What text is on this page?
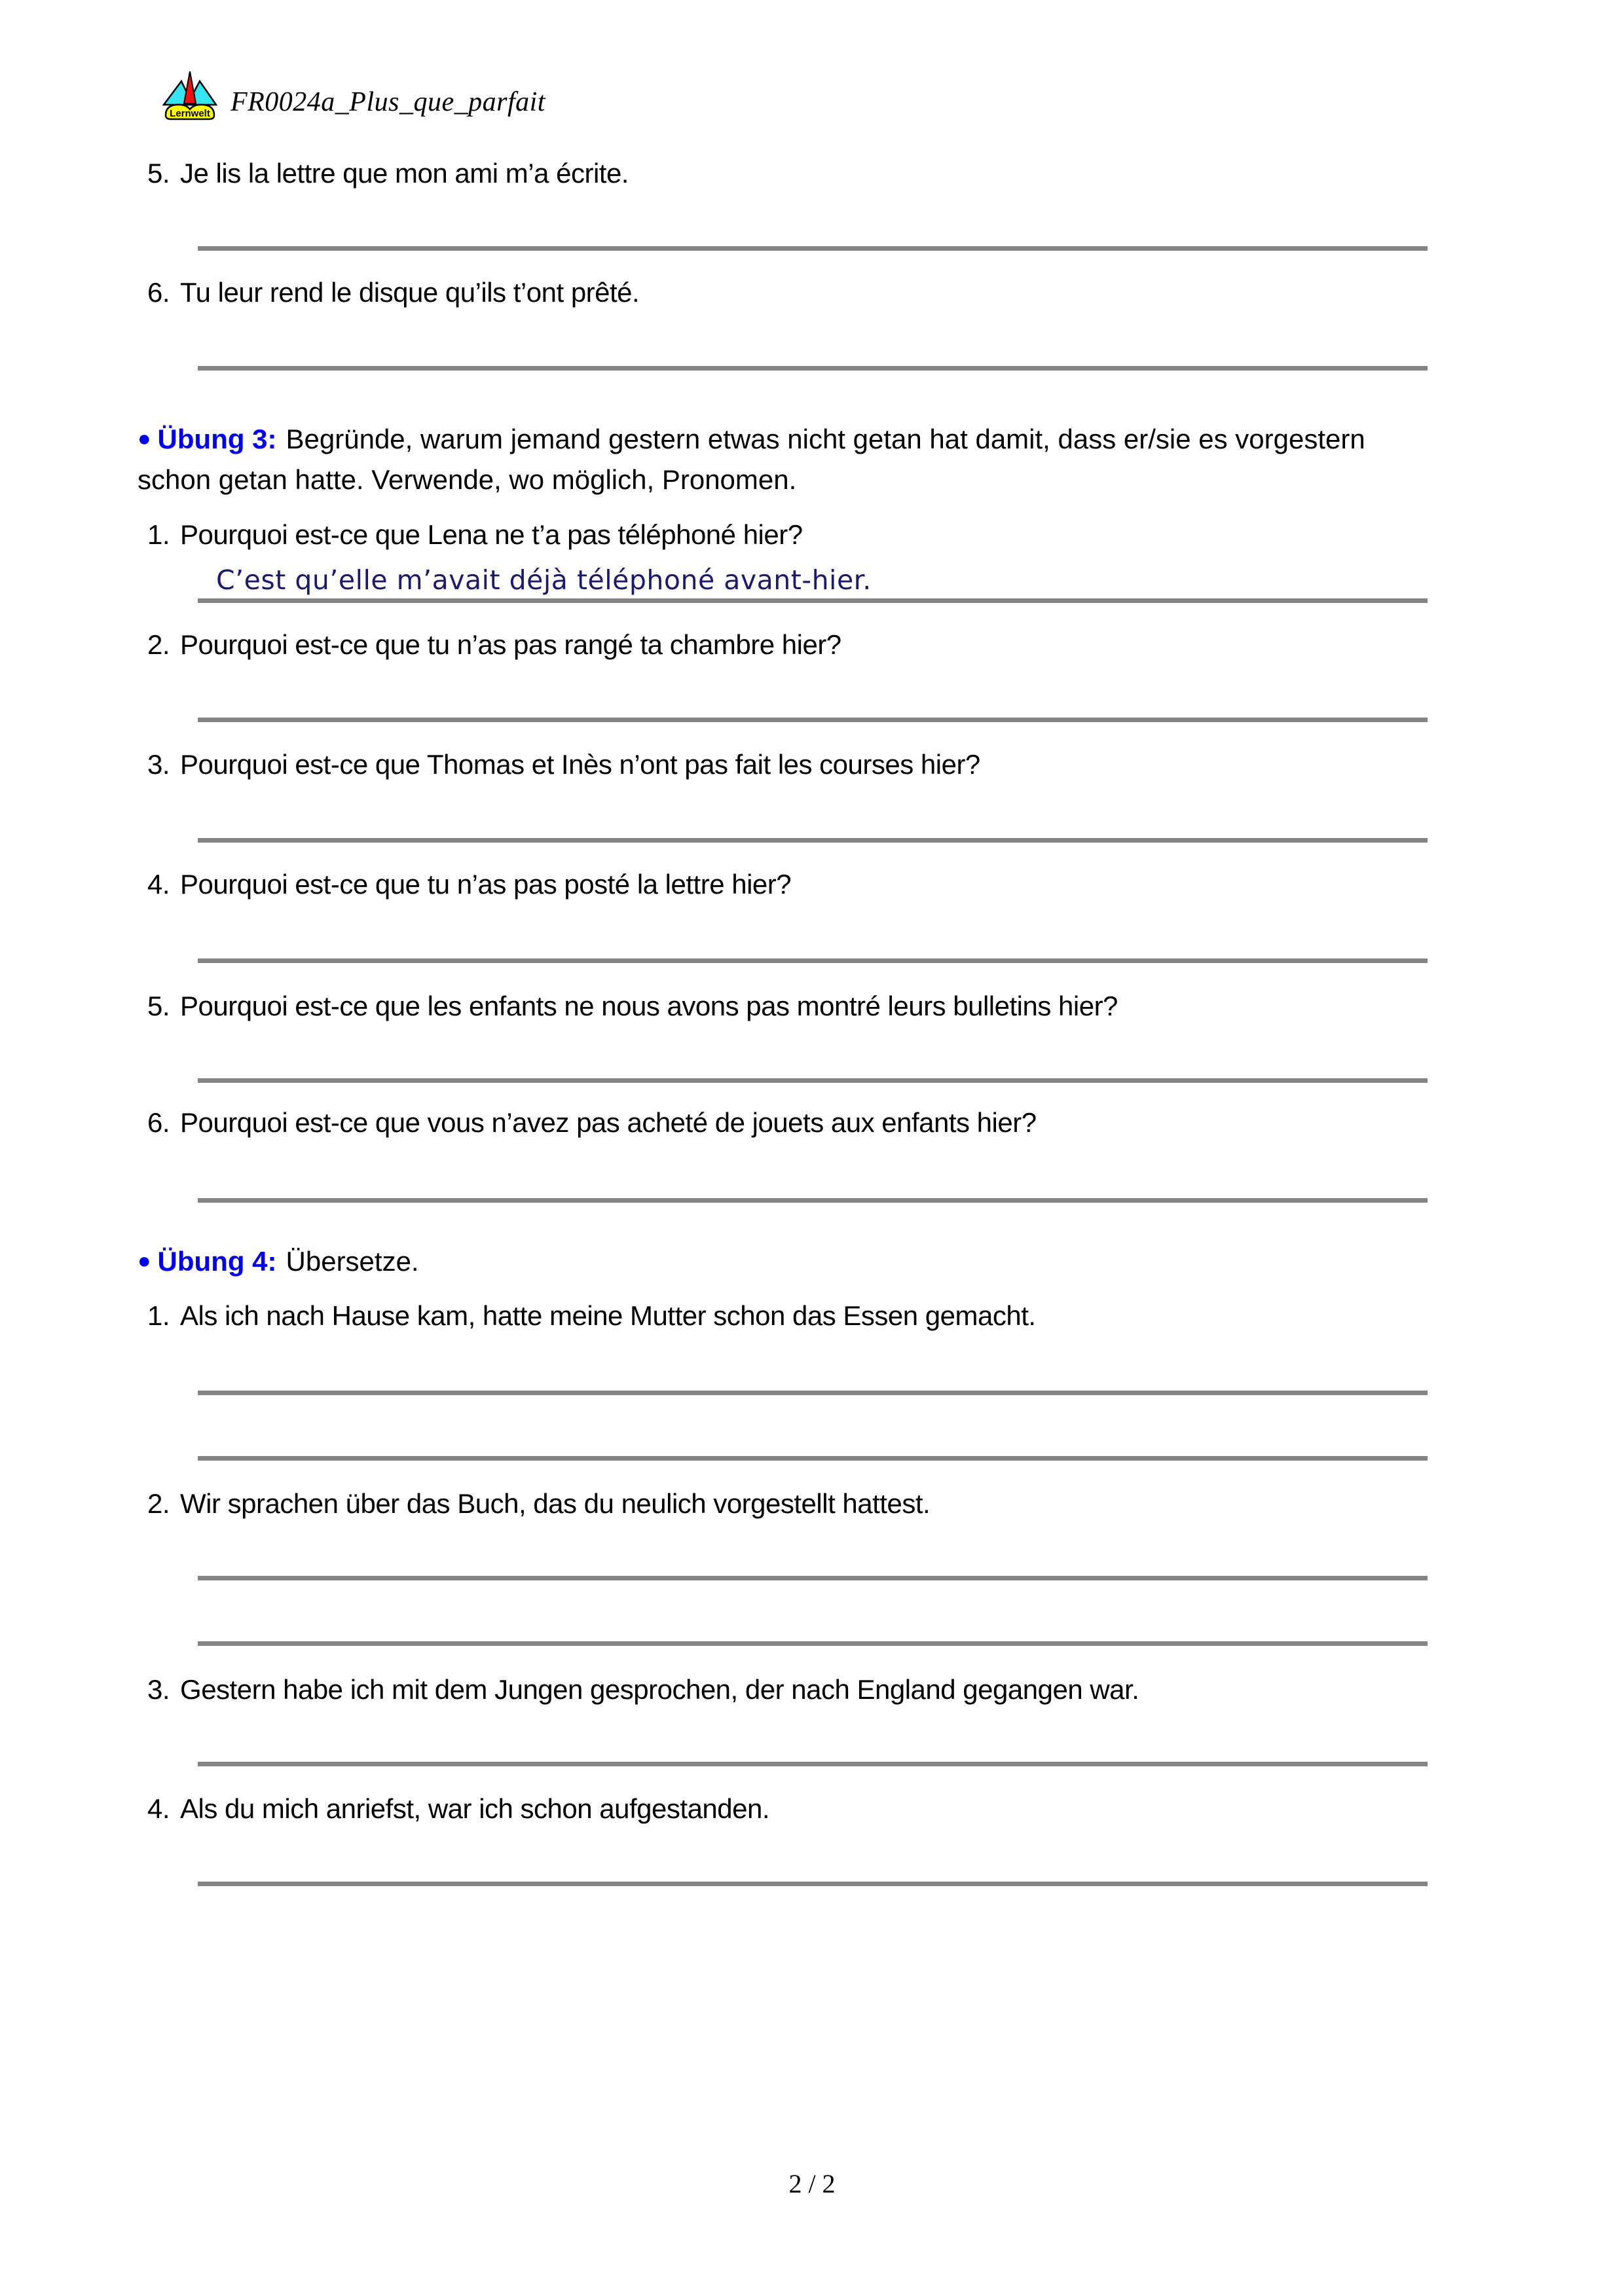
Lernwelt FR0024a_Plus_que_parfait
5. Je lis la lettre que mon ami m’a écrite.
6. Tu leur rend le disque qu’ils t’ont prêté.
● Übung 3: Begründe, warum jemand gestern etwas nicht getan hat damit, dass er/sie es vorgestern schon getan hatte. Verwende, wo möglich, Pronomen.
1. Pourquoi est-ce que Lena ne t’a pas téléphoné hier?
C’est qu’elle m’avait déjà téléphoné avant-hier.
2. Pourquoi est-ce que tu n’as pas rangé ta chambre hier?
3. Pourquoi est-ce que Thomas et Inès n’ont pas fait les courses hier?
4. Pourquoi est-ce que tu n’as pas posté la lettre hier?
5. Pourquoi est-ce que les enfants ne nous avons pas montré leurs bulletins hier?
6. Pourquoi est-ce que vous n’avez pas acheté de jouets aux enfants hier?
● Übung 4: Übersetze.
1. Als ich nach Hause kam, hatte meine Mutter schon das Essen gemacht.
2. Wir sprachen über das Buch, das du neulich vorgestellt hattest.
3. Gestern habe ich mit dem Jungen gesprochen, der nach England gegangen war.
4. Als du mich anriefst, war ich schon aufgestanden.
2 / 2
